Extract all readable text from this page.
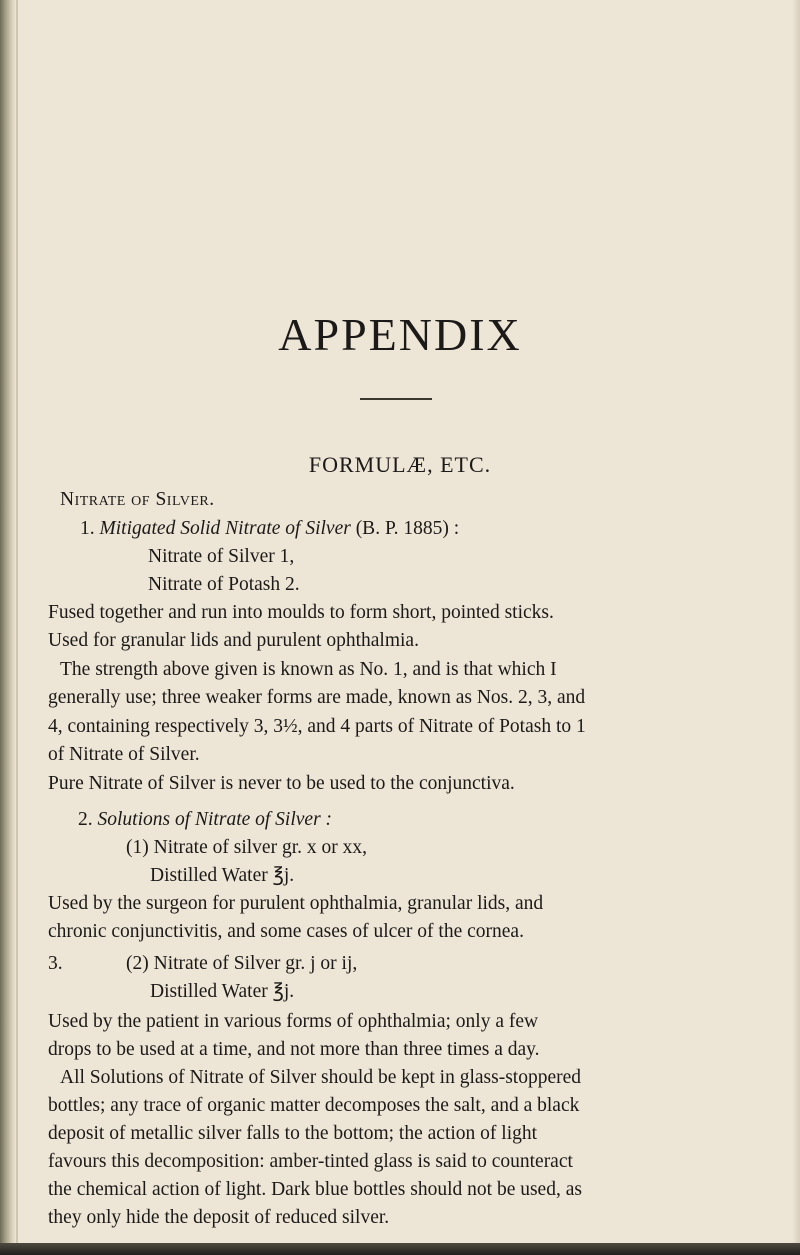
APPENDIX
FORMULÆ, ETC.
Nitrate of Silver.
1. Mitigated Solid Nitrate of Silver (B. P. 1885) :
Nitrate of Silver 1,
Nitrate of Potash 2.
Fused together and run into moulds to form short, pointed sticks.
Used for granular lids and purulent ophthalmia.
The strength above given is known as No. 1, and is that which I
generally use; three weaker forms are made, known as Nos. 2, 3, and
4, containing respectively 3, 3½, and 4 parts of Nitrate of Potash to 1
of Nitrate of Silver.
Pure Nitrate of Silver is never to be used to the conjunctiva.
2. Solutions of Nitrate of Silver :
(1) Nitrate of silver gr. x or xx,
Distilled Water ℥j.
Used by the surgeon for purulent ophthalmia, granular lids, and
chronic conjunctivitis, and some cases of ulcer of the cornea.
3.	(2) Nitrate of Silver gr. j or ij,
Distilled Water ℥j.
Used by the patient in various forms of ophthalmia; only a few
drops to be used at a time, and not more than three times a day.
All Solutions of Nitrate of Silver should be kept in glass-stoppered
bottles; any trace of organic matter decomposes the salt, and a black
deposit of metallic silver falls to the bottom; the action of light
favours this decomposition: amber-tinted glass is said to counteract
the chemical action of light. Dark blue bottles should not be used, as
they only hide the deposit of reduced silver.
